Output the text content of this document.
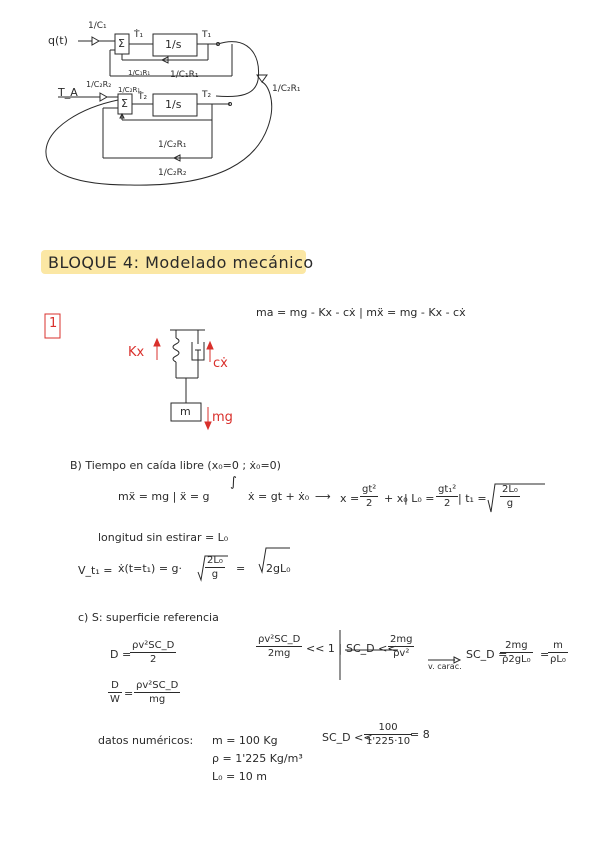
q(t)
1/C₁
Σ
Ṫ₁
1/s
T₁
1/C₁R₁ 1/C₁R₁
1/C₂R₁
T_A
1/C₂R₂
1/C₂R₁
Σ Ṫ₂
1/s
T₂
1/C₂R₁
1/C₂R₂
BLOQUE 4: Modelado mecánico
1
ma = mg - Kx - cẋ | mẍ = mg - Kx - cẋ
Kx
cẋ
m mg
B) Tiempo en caída libre (x₀=0 ; ẋ₀=0)
mẍ = mg | ẍ = g
∫
ẋ = gt + ẋ₀ ⟶ x =
gt²
2 + x₀
| L₀ =
gt₁²
2 | t₁ =
2L₀
g
longitud sin estirar = L₀
V_t₁ = ẋ(t=t₁) = g·
2L₀
g = 2gL₀
c) S: superficie referencia
D =
ρv²SC_D
2
D
W =
ρv²SC_D
mg
ρv²SC_D
2mg << 1 | SC_D <<
2mg
ρv²
v. carac.
SC_D =
2mg
ρ2gL₀ =
m
ρL₀
datos numéricos: m = 100 Kg
ρ = 1'225 Kg/m³
L₀ = 10 m
SC_D <<
100
1'225·10
= 8
